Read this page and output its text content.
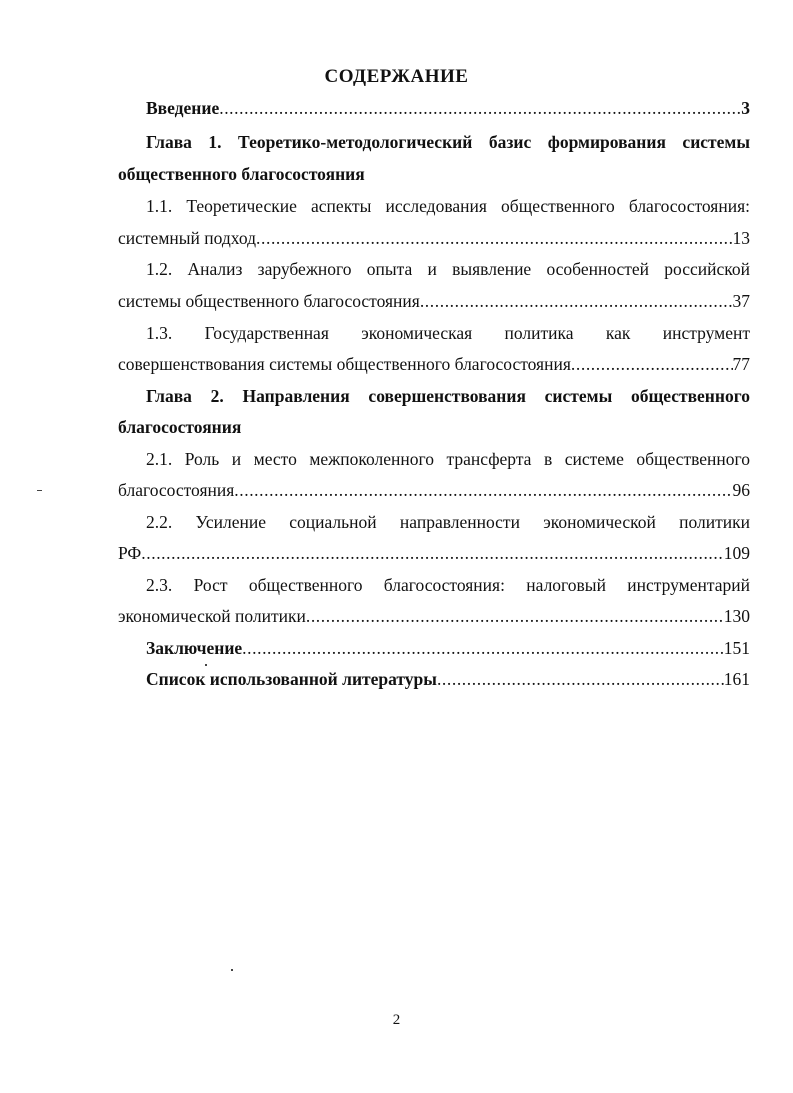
СОДЕРЖАНИЕ
Введение .....	3
Глава 1. Теоретико-методологический базис формирования системы
общественного благосостояния
1.1. Теоретические аспекты исследования общественного благосостояния:
системный подход .....	13
1.2. Анализ зарубежного опыта и выявление особенностей российской
системы общественного благосостояния .....	37
1.3. Государственная экономическая политика как инструмент
совершенствования системы общественного благосостояния .....	77
Глава 2. Направления совершенствования системы общественного
благосостояния
2.1. Роль и место межпоколенного трансферта в системе общественного
благосостояния .....	96
2.2. Усиление социальной направленности экономической политики
РФ .....	109
2.3. Рост общественного благосостояния: налоговый инструментарий
экономической политики .....	130
Заключение .....	151
Список использованной литературы .....	161
2
